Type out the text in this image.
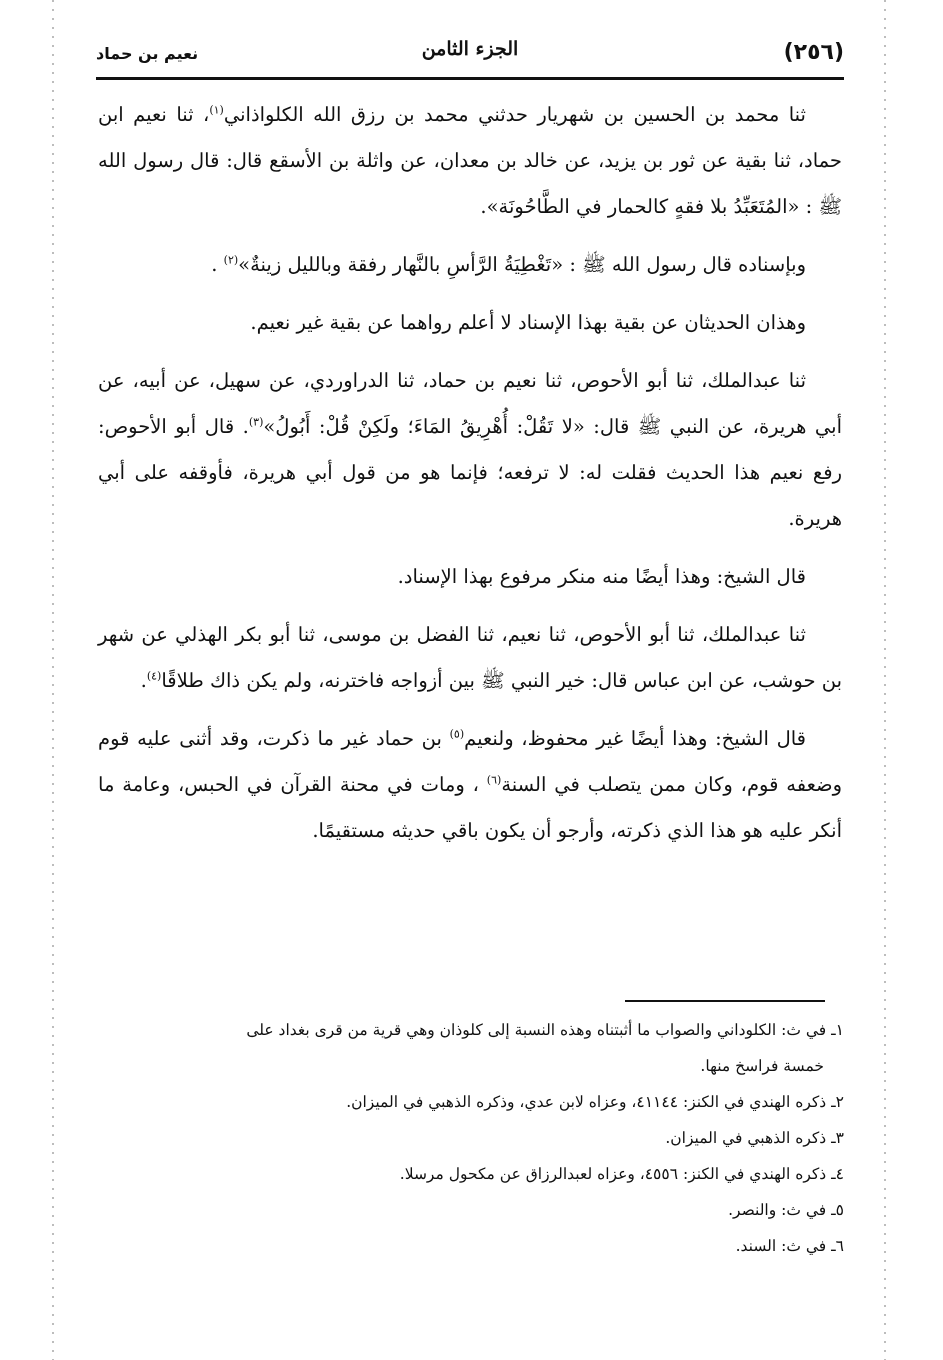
(٢٥٦)
الجزء الثامن
نعيم بن حماد

ثنا محمد بن الحسين بن شهريار حدثني محمد بن رزق الله الكلواذاني$^{(١)}$، ثنا نعيم ابن حماد، ثنا بقية عن ثور بن يزيد، عن خالد بن معدان، عن واثلة بن الأسقع قال: قال رسول الله ﷺ : «المُتَعَبِّدُ بلا فقهٍ كالحمار في الطَّاحُونَة».

وبإسناده قال رسول الله ﷺ : «تَغْطِيَةُ الرَّأسِ بالنَّهار رفقة وبالليل زينةٌ»$^{(٢)}$ .

وهذان الحديثان عن بقية بهذا الإسناد لا أعلم رواهما عن بقية غير نعيم.

ثنا عبدالملك، ثنا أبو الأحوص، ثنا نعيم بن حماد، ثنا الدراوردي، عن سهيل، عن أبيه، عن أبي هريرة، عن النبي ﷺ قال: «لا تَقُلْ: أُهْرِيقُ المَاءَ؛ ولَكِنْ قُلْ: أَبُولُ»$^{(٣)}$. قال أبو الأحوص: رفع نعيم هذا الحديث فقلت له: لا ترفعه؛ فإنما هو من قول أبي هريرة، فأوقفه على أبي هريرة.

قال الشيخ: وهذا أيضًا منه منكر مرفوع بهذا الإسناد.

ثنا عبدالملك، ثنا أبو الأحوص، ثنا نعيم، ثنا الفضل بن موسى، ثنا أبو بكر الهذلي عن شهر بن حوشب، عن ابن عباس قال: خير النبي ﷺ بين أزواجه فاخترنه، ولم يكن ذاك طلاقًا$^{(٤)}$.

قال الشيخ: وهذا أيضًا غير محفوظ، ولنعيم$^{(٥)}$ بن حماد غير ما ذكرت، وقد أثنى عليه قوم وضعفه قوم، وكان ممن يتصلب في السنة$^{(٦)}$ ، ومات في محنة القرآن في الحبس، وعامة ما أنكر عليه هو هذا الذي ذكرته، وأرجو أن يكون باقي حديثه مستقيمًا.

١ـ في ث: الكلوداني والصواب ما أثبتناه وهذه النسبة إلى كلوذان وهي قرية من قرى بغداد على
خمسة فراسخ منها.
٢ـ ذكره الهندي في الكنز: ٤١١٤٤، وعزاه لابن عدي، وذكره الذهبي في الميزان.
٣ـ ذكره الذهبي في الميزان.
٤ـ ذكره الهندي في الكنز: ٤٥٥٦، وعزاه لعبدالرزاق عن مكحول مرسلا.
٥ـ في ث: والنصر.
٦ـ في ث: السند.
